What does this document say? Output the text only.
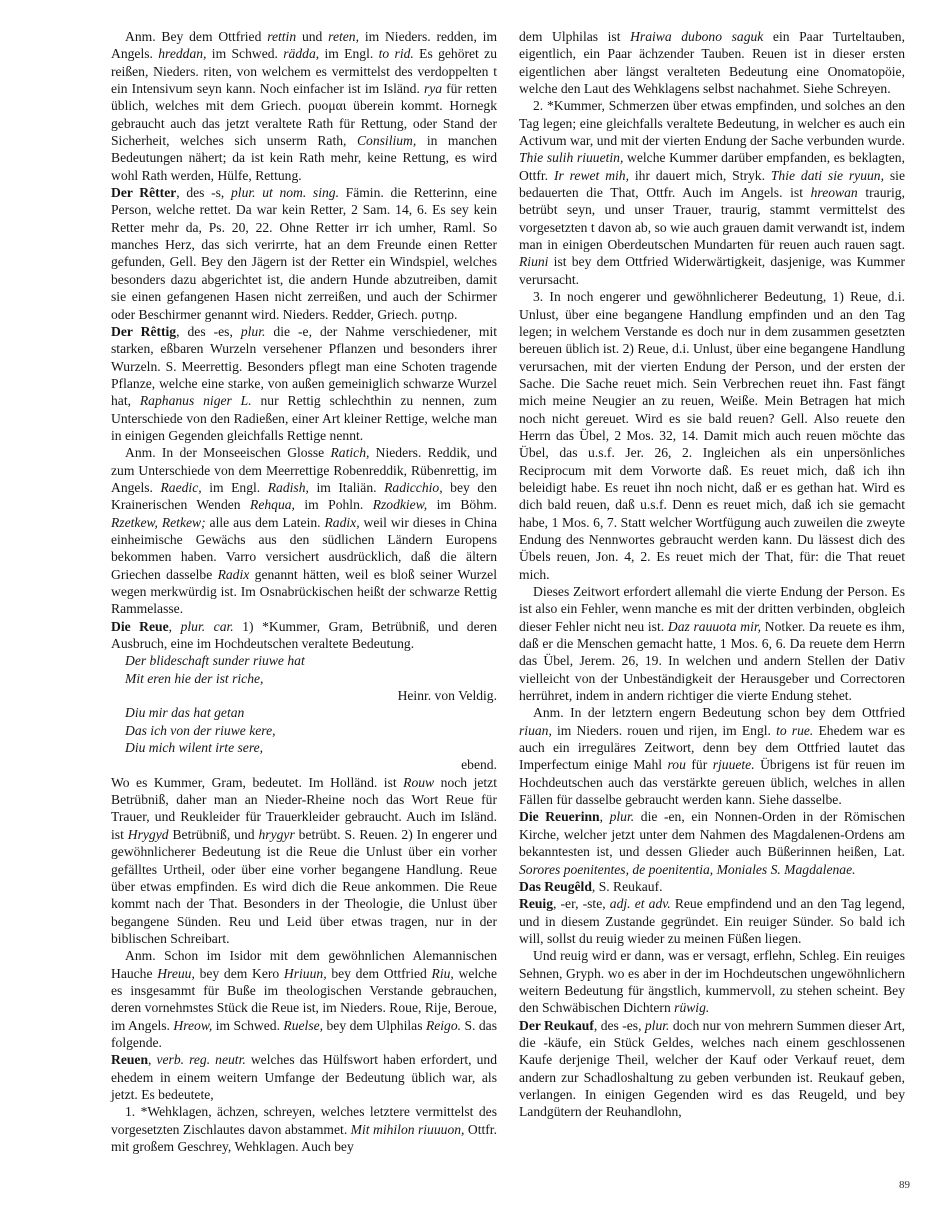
Anm. Bey dem Ottfried rettin und reten, im Nieders. redden, im Angels. hreddan, im Schwed. rädda, im Engl. to rid. Es gehöret zu reißen, Nieders. riten, von welchem es vermittelst des verdoppelten t ein Intensivum seyn kann. Noch einfacher ist im Isländ. rya für retten üblich, welches mit dem Griech. ρυομαι überein kommt. Hornegk gebraucht auch das jetzt veraltete Rath für Rettung, oder Stand der Sicherheit, welches sich unserm Rath, Consilium, in manchen Bedeutungen nähert; da ist kein Rath mehr, keine Rettung, es wird wohl Rath werden, Hülfe, Rettung.

Der Rêtter, des -s, plur. ut nom. sing. Fämin. die Retterinn, eine Person, welche rettet. Da war kein Retter, 2 Sam. 14, 6. Es sey kein Retter mehr da, Ps. 20, 22. Ohne Retter irr ich umher, Raml. So manches Herz, das sich verirrte, hat an dem Freunde einen Retter gefunden, Gell. Bey den Jägern ist der Retter ein Windspiel, welches besonders dazu abgerichtet ist, die andern Hunde abzutreiben, damit sie einen gefangenen Hasen nicht zerreißen, und auch der Schirmer oder Beschirmer genannt wird. Nieders. Redder, Griech. ρυτηρ.

Der Rêttig, des -es, plur. die -e, der Nahme verschiedener, mit starken, eßbaren Wurzeln versehener Pflanzen und besonders ihrer Wurzeln. S. Meerrettig. Besonders pflegt man eine Schoten tragende Pflanze, welche eine starke, von außen gemeiniglich schwarze Wurzel hat, Raphanus niger L. nur Rettig schlechthin zu nennen, zum Unterschiede von den Radießen, einer Art kleiner Rettige, welche man in einigen Gegenden gleichfalls Rettige nennt.

Anm. In der Monseeischen Glosse Ratich, Nieders. Reddik, und zum Unterschiede von dem Meerrettige Robenreddik, Rübenrettig, im Angels. Raedic, im Engl. Radish, im Italiän. Radicchio, bey den Krainerischen Wenden Rehqua, im Pohln. Rzodkiew, im Böhm. Rzetkew, Retkew; alle aus dem Latein. Radix, weil wir dieses in China einheimische Gewächs aus den südlichen Ländern Europens bekommen haben. Varro versichert ausdrücklich, daß die ältern Griechen dasselbe Radix genannt hätten, weil es bloß seiner Wurzel wegen merkwürdig ist. Im Osnabrückischen heißt der schwarze Rettig Rammelasse.

Die Reue, plur. car. 1) *Kummer, Gram, Betrübniß, und deren Ausbruch, eine im Hochdeutschen veraltete Bedeutung.

Der blideschaft sunder riuwe hat

Mit eren hie der ist riche,

Heinr. von Veldig.

Diu mir das hat getan

Das ich von der riuwe kere,

Diu mich wilent irte sere,

ebend.

Wo es Kummer, Gram, bedeutet. Im Holländ. ist Rouw noch jetzt Betrübniß, daher man an Nieder-Rheine noch das Wort Reue für Trauer, und Reukleider für Trauerkleider gebraucht. Auch im Isländ. ist Hrygyd Betrübniß, und hrygyr betrübt. S. Reuen. 2) In engerer und gewöhnlicherer Bedeutung ist die Reue die Unlust über ein vorher gefälltes Urtheil, oder über eine vorher begangene Handlung. Reue über etwas empfinden. Es wird dich die Reue ankommen. Die Reue kommt nach der That. Besonders in der Theologie, die Unlust über begangene Sünden. Reu und Leid über etwas tragen, nur in der biblischen Schreibart.

Anm. Schon im Isidor mit dem gewöhnlichen Alemannischen Hauche Hreuu, bey dem Kero Hriuun, bey dem Ottfried Riu, welche es insgesammt für Buße im theologischen Verstande gebrauchen, deren vornehmstes Stück die Reue ist, im Nieders. Roue, Rije, Beroue, im Angels. Hreow, im Schwed. Ruelse, bey dem Ulphilas Reigo. S. das folgende.

Reuen, verb. reg. neutr. welches das Hülfswort haben erfordert, und ehedem in einem weitern Umfange der Bedeutung üblich war, als jetzt. Es bedeutete,

1. *Wehklagen, ächzen, schreyen, welches letztere vermittelst des vorgesetzten Zischlautes davon abstammet. Mit mihilon riuuuon, Ottfr. mit großem Geschrey, Wehklagen. Auch bey

dem Ulphilas ist Hraiwa dubono saguk ein Paar Turteltauben, eigentlich, ein Paar ächzender Tauben. Reuen ist in dieser ersten eigentlichen aber längst veralteten Bedeutung eine Onomatopöie, welche den Laut des Wehklagens selbst nachahmet. Siehe Schreyen.

2. *Kummer, Schmerzen über etwas empfinden, und solches an den Tag legen; eine gleichfalls veraltete Bedeutung, in welcher es auch ein Activum war, und mit der vierten Endung der Sache verbunden wurde. Thie sulih riuuetin, welche Kummer darüber empfanden, es beklagten, Ottfr. Ir rewet mih, ihr dauert mich, Stryk. Thie dati sie ryuun, sie bedauerten die That, Ottfr. Auch im Angels. ist hreowan traurig, betrübt seyn, und unser Trauer, traurig, stammt vermittelst des vorgesetzten t davon ab, so wie auch grauen damit verwandt ist, indem man in einigen Oberdeutschen Mundarten für reuen auch rauen sagt. Riuni ist bey dem Ottfried Widerwärtigkeit, dasjenige, was Kummer verursacht.

3. In noch engerer und gewöhnlicherer Bedeutung, 1) Reue, d.i. Unlust, über eine begangene Handlung empfinden und an den Tag legen; in welchem Verstande es doch nur in dem zusammen gesetzten bereuen üblich ist. 2) Reue, d.i. Unlust, über eine begangene Handlung verursachen, mit der vierten Endung der Person, und der ersten der Sache. Die Sache reuet mich. Sein Verbrechen reuet ihn. Fast fängt mich meine Neugier an zu reuen, Weiße. Mein Betragen hat mich noch nicht gereuet. Wird es sie bald reuen? Gell. Also reuete den Herrn das Übel, 2 Mos. 32, 14. Damit mich auch reuen möchte das Übel, das u.s.f. Jer. 26, 2. Ingleichen als ein unpersönliches Reciprocum mit dem Vorworte daß. Es reuet mich, daß ich ihn beleidigt habe. Es reuet ihn noch nicht, daß er es gethan hat. Wird es dich bald reuen, daß u.s.f. Denn es reuet mich, daß ich sie gemacht habe, 1 Mos. 6, 7. Statt welcher Wortfügung auch zuweilen die zweyte Endung des Nennwortes gebraucht werden kann. Du lässest dich des Übels reuen, Jon. 4, 2. Es reuet mich der That, für: die That reuet mich.

Dieses Zeitwort erfordert allemahl die vierte Endung der Person. Es ist also ein Fehler, wenn manche es mit der dritten verbinden, obgleich dieser Fehler nicht neu ist. Daz rauuota mir, Notker. Da reuete es ihm, daß er die Menschen gemacht hatte, 1 Mos. 6, 6. Da reuete dem Herrn das Übel, Jerem. 26, 19. In welchen und andern Stellen der Dativ vielleicht von der Unbeständigkeit der Herausgeber und Correctoren herrühret, indem in andern richtiger die vierte Endung stehet.

Anm. In der letztern engern Bedeutung schon bey dem Ottfried riuan, im Nieders. rouen und rijen, im Engl. to rue. Ehedem war es auch ein irreguläres Zeitwort, denn bey dem Ottfried lautet das Imperfectum einige Mahl rou für rjuuete. Übrigens ist für reuen im Hochdeutschen auch das verstärkte gereuen üblich, welches in allen Fällen für dasselbe gebraucht werden kann. Siehe dasselbe.

Die Reuerinn, plur. die -en, ein Nonnen-Orden in der Römischen Kirche, welcher jetzt unter dem Nahmen des Magdalenen-Ordens am bekanntesten ist, und dessen Glieder auch Büßerinnen heißen, Lat. Sorores poenitentes, de poenitentia, Moniales S. Magdalenae.

Das Reugêld, S. Reukauf.

Reuig, -er, -ste, adj. et adv. Reue empfindend und an den Tag legend, und in diesem Zustande gegründet. Ein reuiger Sünder. So bald ich will, sollst du reuig wieder zu meinen Füßen liegen.

Und reuig wird er dann, was er versagt, erflehn, Schleg. Ein reuiges Sehnen, Gryph. wo es aber in der im Hochdeutschen ungewöhnlichern weitern Bedeutung für ängstlich, kummervoll, zu stehen scheint. Bey den Schwäbischen Dichtern rüwig.

Der Reukauf, des -es, plur. doch nur von mehrern Summen dieser Art, die -käufe, ein Stück Geldes, welches nach einem geschlossenen Kaufe derjenige Theil, welcher der Kauf oder Verkauf reuet, dem andern zur Schadloshaltung zu geben verbunden ist. Reukauf geben, verlangen. In einigen Gegenden wird es das Reugeld, und bey Landgütern der Reuhandlohn,

89
